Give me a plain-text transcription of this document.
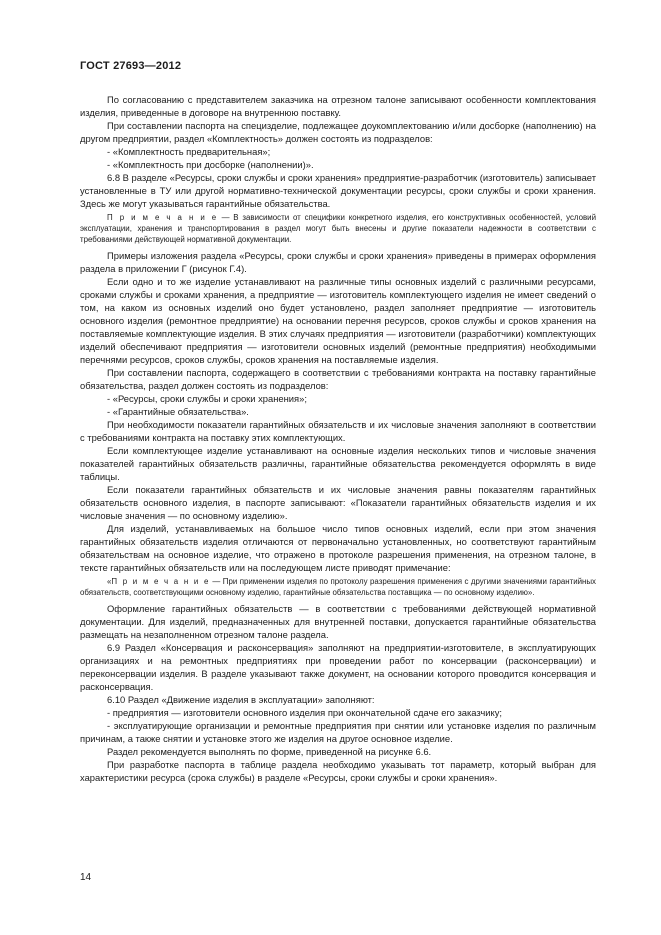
ГОСТ 27693—2012

По согласованию с представителем заказчика на отрезном талоне записывают особенности комплектования изделия, приведенные в договоре на внутреннюю поставку.

При составлении паспорта на специзделие, подлежащее доукомплектованию и/или досборке (наполнению) на другом предприятии, раздел «Комплектность» должен состоять из подразделов:

- «Комплектность предварительная»;

- «Комплектность при досборке (наполнении)».

6.8 В разделе «Ресурсы, сроки службы и сроки хранения» предприятие-разработчик (изготовитель) записывает установленные в ТУ или другой нормативно-технической документации ресурсы, сроки службы и сроки хранения. Здесь же могут указываться гарантийные обязательства.

П р и м е ч а н и е — В зависимости от специфики конкретного изделия, его конструктивных особенностей, условий эксплуатации, хранения и транспортирования в раздел могут быть внесены и другие показатели надежности в соответствии с требованиями действующей нормативной документации.

Примеры изложения раздела «Ресурсы, сроки службы и сроки хранения» приведены в примерах оформления раздела в приложении Г (рисунок Г.4).

Если одно и то же изделие устанавливают на различные типы основных изделий с различными ресурсами, сроками службы и сроками хранения, а предприятие — изготовитель комплектующего изделия не имеет сведений о том, на каком из основных изделий оно будет установлено, раздел заполняет предприятие — изготовитель основного изделия (ремонтное предприятие) на основании перечня ресурсов, сроков службы и сроков хранения на поставляемые комплектующие изделия. В этих случаях предприятия — изготовители (разработчики) комплектующих изделий обеспечивают предприятия — изготовители основных изделий (ремонтные предприятия) необходимыми перечнями ресурсов, сроков службы, сроков хранения на поставляемые изделия.

При составлении паспорта, содержащего в соответствии с требованиями контракта на поставку гарантийные обязательства, раздел должен состоять из подразделов:

- «Ресурсы, сроки службы и сроки хранения»;

- «Гарантийные обязательства».

При необходимости показатели гарантийных обязательств и их числовые значения заполняют в соответствии с требованиями контракта на поставку этих комплектующих.

Если комплектующее изделие устанавливают на основные изделия нескольких типов и числовые значения показателей гарантийных обязательств различны, гарантийные обязательства рекомендуется оформлять в виде таблицы.

Если показатели гарантийных обязательств и их числовые значения равны показателям гарантийных обязательств основного изделия, в паспорте записывают: «Показатели гарантийных обязательств изделия и их числовые значения — по основному изделию».

Для изделий, устанавливаемых на большое число типов основных изделий, если при этом значения гарантийных обязательств изделия отличаются от первоначально установленных, но соответствуют гарантийным обязательствам на основное изделие, что отражено в протоколе разрешения применения, на отрезном талоне, в тексте гарантийных обязательств или на последующем листе приводят примечание:

«П р и м е ч а н и е — При применении изделия по протоколу разрешения применения с другими значениями гарантийных обязательств, соответствующими основному изделию, гарантийные обязательства поставщика — по основному изделию».

Оформление гарантийных обязательств — в соответствии с требованиями действующей нормативной документации. Для изделий, предназначенных для внутренней поставки, допускается гарантийные обязательства размещать на незаполненном отрезном талоне раздела.

6.9 Раздел «Консервация и расконсервация» заполняют на предприятии-изготовителе, в эксплуатирующих организациях и на ремонтных предприятиях при проведении работ по консервации (расконсервации) и переконсервации изделия. В разделе указывают также документ, на основании которого проводится консервация и расконсервация.

6.10 Раздел «Движение изделия в эксплуатации» заполняют:

- предприятия — изготовители основного изделия при окончательной сдаче его заказчику;

- эксплуатирующие организации и ремонтные предприятия при снятии или установке изделия по различным причинам, а также снятии и установке этого же изделия на другое основное изделие.

Раздел рекомендуется выполнять по форме, приведенной на рисунке 6.6.

При разработке паспорта в таблице раздела необходимо указывать тот параметр, который выбран для характеристики ресурса (срока службы) в разделе «Ресурсы, сроки службы и сроки хранения».

14
